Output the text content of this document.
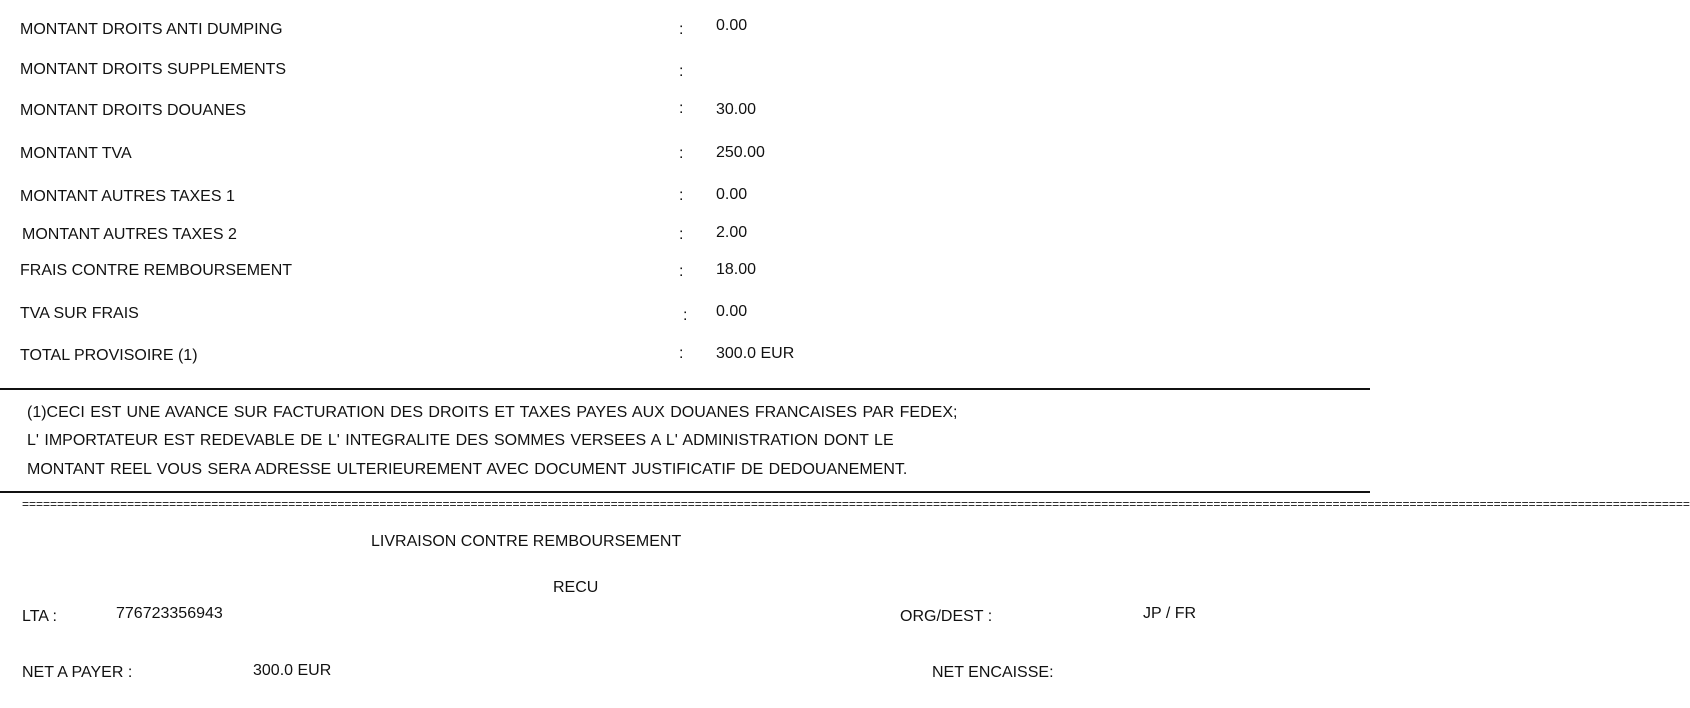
MONTANT DROITS ANTI DUMPING	: 0.00
MONTANT DROITS SUPPLEMENTS	:
MONTANT DROITS DOUANES	: 30.00
MONTANT TVA	: 250.00
MONTANT AUTRES TAXES 1	: 0.00
MONTANT AUTRES TAXES 2	: 2.00
FRAIS CONTRE REMBOURSEMENT	: 18.00
TVA SUR FRAIS	: 0.00
TOTAL PROVISOIRE (1)	: 300.0 EUR
(1)CECI EST UNE AVANCE SUR FACTURATION DES DROITS ET TAXES PAYES AUX DOUANES FRANCAISES PAR FEDEX;
L' IMPORTATEUR EST REDEVABLE DE L' INTEGRALITE DES SOMMES VERSEES A L' ADMINISTRATION DONT LE
MONTANT REEL VOUS SERA ADRESSE ULTERIEUREMENT AVEC DOCUMENT JUSTIFICATIF DE DEDOUANEMENT.
==============================================================================================================================================================================================================================================
LIVRAISON CONTRE REMBOURSEMENT
RECU
LTA :	776723356943	ORG/DEST :	JP / FR
NET A PAYER :	300.0 EUR	NET ENCAISSE:
